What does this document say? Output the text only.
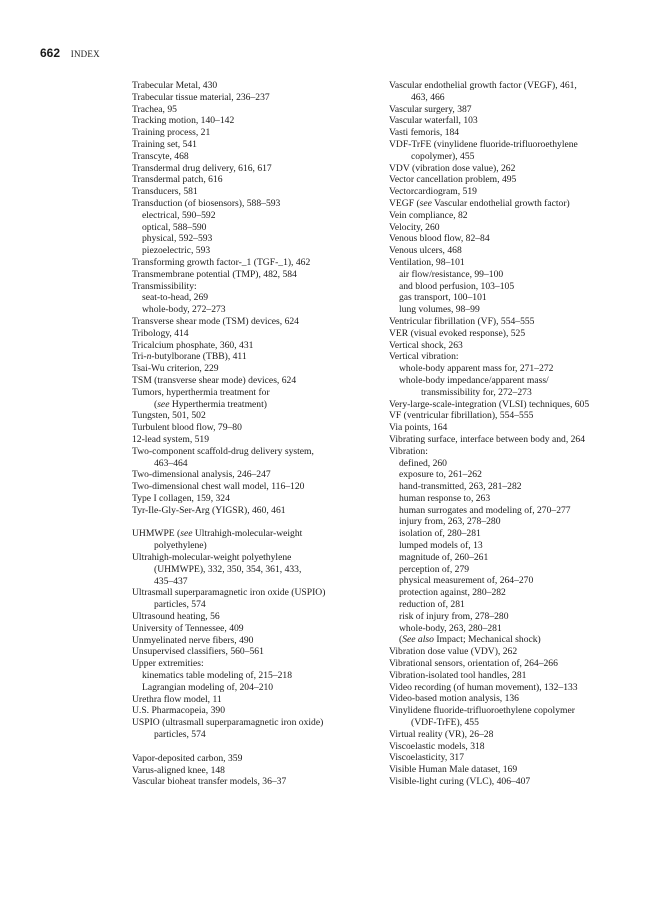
662 INDEX
Trabecular Metal, 430
Trabecular tissue material, 236–237
Trachea, 95
Tracking motion, 140–142
Training process, 21
Training set, 541
Transcyte, 468
Transdermal drug delivery, 616, 617
Transdermal patch, 616
Transducers, 581
Transduction (of biosensors), 588–593
electrical, 590–592
optical, 588–590
physical, 592–593
piezoelectric, 593
Transforming growth factor-_1 (TGF-_1), 462
Transmembrane potential (TMP), 482, 584
Transmissibility:
seat-to-head, 269
whole-body, 272–273
Transverse shear mode (TSM) devices, 624
Tribology, 414
Tricalcium phosphate, 360, 431
Tri-n-butylborane (TBB), 411
Tsai-Wu criterion, 229
TSM (transverse shear mode) devices, 624
Tumors, hyperthermia treatment for
(see Hyperthermia treatment)
Tungsten, 501, 502
Turbulent blood flow, 79–80
12-lead system, 519
Two-component scaffold-drug delivery system,
463–464
Two-dimensional analysis, 246–247
Two-dimensional chest wall model, 116–120
Type I collagen, 159, 324
Tyr-Ile-Gly-Ser-Arg (YIGSR), 460, 461
UHMWPE (see Ultrahigh-molecular-weight
polyethylene)
Ultrahigh-molecular-weight polyethylene
(UHMWPE), 332, 350, 354, 361, 433,
435–437
Ultrasmall superparamagnetic iron oxide (USPIO)
particles, 574
Ultrasound heating, 56
University of Tennessee, 409
Unmyelinated nerve fibers, 490
Unsupervised classifiers, 560–561
Upper extremities:
kinematics table modeling of, 215–218
Lagrangian modeling of, 204–210
Urethra flow model, 11
U.S. Pharmacopeia, 390
USPIO (ultrasmall superparamagnetic iron oxide)
particles, 574
Vapor-deposited carbon, 359
Varus-aligned knee, 148
Vascular bioheat transfer models, 36–37
Vascular endothelial growth factor (VEGF), 461,
463, 466
Vascular surgery, 387
Vascular waterfall, 103
Vasti femoris, 184
VDF-TrFE (vinylidene fluoride-trifluoroethylene
copolymer), 455
VDV (vibration dose value), 262
Vector cancellation problem, 495
Vectorcardiogram, 519
VEGF (see Vascular endothelial growth factor)
Vein compliance, 82
Velocity, 260
Venous blood flow, 82–84
Venous ulcers, 468
Ventilation, 98–101
air flow/resistance, 99–100
and blood perfusion, 103–105
gas transport, 100–101
lung volumes, 98–99
Ventricular fibrillation (VF), 554–555
VER (visual evoked response), 525
Vertical shock, 263
Vertical vibration:
whole-body apparent mass for, 271–272
whole-body impedance/apparent mass/
transmissibility for, 272–273
Very-large-scale-integration (VLSI) techniques, 605
VF (ventricular fibrillation), 554–555
Via points, 164
Vibrating surface, interface between body and, 264
Vibration:
defined, 260
exposure to, 261–262
hand-transmitted, 263, 281–282
human response to, 263
human surrogates and modeling of, 270–277
injury from, 263, 278–280
isolation of, 280–281
lumped models of, 13
magnitude of, 260–261
perception of, 279
physical measurement of, 264–270
protection against, 280–282
reduction of, 281
risk of injury from, 278–280
whole-body, 263, 280–281
(See also Impact; Mechanical shock)
Vibration dose value (VDV), 262
Vibrational sensors, orientation of, 264–266
Vibration-isolated tool handles, 281
Video recording (of human movement), 132–133
Video-based motion analysis, 136
Vinylidene fluoride-trifluoroethylene copolymer
(VDF-TrFE), 455
Virtual reality (VR), 26–28
Viscoelastic models, 318
Viscoelasticity, 317
Visible Human Male dataset, 169
Visible-light curing (VLC), 406–407
